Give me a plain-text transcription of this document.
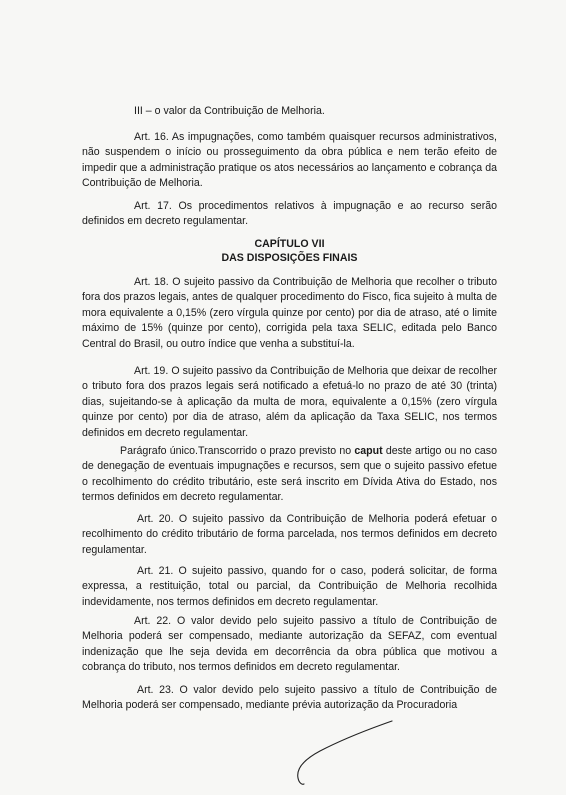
III – o valor da Contribuição de Melhoria.

Art. 16. As impugnações, como também quaisquer recursos administrativos, não suspendem o início ou prosseguimento da obra pública e nem terão efeito de impedir que a administração pratique os atos necessários ao lançamento e cobrança da Contribuição de Melhoria.

Art. 17. Os procedimentos relativos à impugnação e ao recurso serão definidos em decreto regulamentar.

CAPÍTULO VII

DAS DISPOSIÇÕES FINAIS

Art. 18. O sujeito passivo da Contribuição de Melhoria que recolher o tributo fora dos prazos legais, antes de qualquer procedimento do Fisco, fica sujeito à multa de mora equivalente a 0,15% (zero vírgula quinze por cento) por dia de atraso, até o limite máximo de 15% (quinze por cento), corrigida pela taxa SELIC, editada pelo Banco Central do Brasil, ou outro índice que venha a substituí-la.

Art. 19. O sujeito passivo da Contribuição de Melhoria que deixar de recolher o tributo fora dos prazos legais será notificado a efetuá-lo no prazo de até 30 (trinta) dias, sujeitando-se à aplicação da multa de mora, equivalente a 0,15% (zero vírgula quinze por cento) por dia de atraso, além da aplicação da Taxa SELIC, nos termos definidos em decreto regulamentar.

Parágrafo único.Transcorrido o prazo previsto no caput deste artigo ou no caso de denegação de eventuais impugnações e recursos, sem que o sujeito passivo efetue o recolhimento do crédito tributário, este será inscrito em Dívida Ativa do Estado, nos termos definidos em decreto regulamentar.

Art. 20. O sujeito passivo da Contribuição de Melhoria poderá efetuar o recolhimento do crédito tributário de forma parcelada, nos termos definidos em decreto regulamentar.

Art. 21. O sujeito passivo, quando for o caso, poderá solicitar, de forma expressa, a restituição, total ou parcial, da Contribuição de Melhoria recolhida indevidamente, nos termos definidos em decreto regulamentar.

Art. 22. O valor devido pelo sujeito passivo a título de Contribuição de Melhoria poderá ser compensado, mediante autorização da SEFAZ, com eventual indenização que lhe seja devida em decorrência da obra pública que motivou a cobrança do tributo, nos termos definidos em decreto regulamentar.

Art. 23. O valor devido pelo sujeito passivo a título de Contribuição de Melhoria poderá ser compensado, mediante prévia autorização da Procuradoria
